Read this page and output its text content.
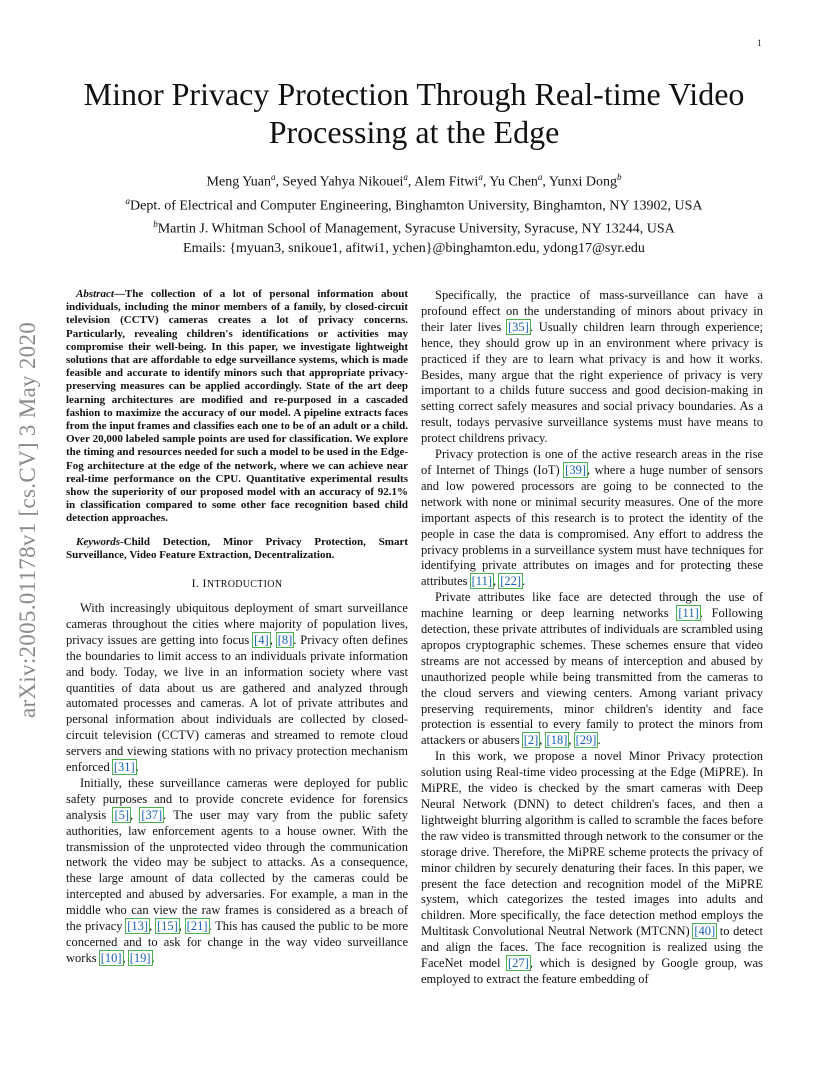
1
arXiv:2005.01178v1 [cs.CV] 3 May 2020
Minor Privacy Protection Through Real-time Video
Processing at the Edge
Meng Yuan$^a$, Seyed Yahya Nikouei$^a$, Alem Fitwi$^a$, Yu Chen$^a$, Yunxi Dong$^b$
$^a$Dept. of Electrical and Computer Engineering, Binghamton University, Binghamton, NY 13902, USA
$^b$Martin J. Whitman School of Management, Syracuse University, Syracuse, NY 13244, USA
Emails: {myuan3, snikoue1, afitwi1, ychen}@binghamton.edu, ydong17@syr.edu

Abstract—The collection of a lot of personal information about individuals, including the minor members of a family, by closed-circuit television (CCTV) cameras creates a lot of privacy concerns. Particularly, revealing children's identifications or activities may compromise their well-being. In this paper, we investigate lightweight solutions that are affordable to edge surveillance systems, which is made feasible and accurate to identify minors such that appropriate privacy-preserving measures can be applied accordingly. State of the art deep learning architectures are modified and re-purposed in a cascaded fashion to maximize the accuracy of our model. A pipeline extracts faces from the input frames and classifies each one to be of an adult or a child. Over 20,000 labeled sample points are used for classification. We explore the timing and resources needed for such a model to be used in the Edge-Fog architecture at the edge of the network, where we can achieve near real-time performance on the CPU. Quantitative experimental results show the superiority of our proposed model with an accuracy of 92.1% in classification compared to some other face recognition based child detection approaches.

Keywords-Child Detection, Minor Privacy Protection, Smart Surveillance, Video Feature Extraction, Decentralization.

I. INTRODUCTION

With increasingly ubiquitous deployment of smart surveillance cameras throughout the cities where majority of population lives, privacy issues are getting into focus [4], [8]. Privacy often defines the boundaries to limit access to an individuals private information and body. Today, we live in an information society where vast quantities of data about us are gathered and analyzed through automated processes and cameras. A lot of private attributes and personal information about individuals are collected by closed-circuit television (CCTV) cameras and streamed to remote cloud servers and viewing stations with no privacy protection mechanism enforced [31].

Initially, these surveillance cameras were deployed for public safety purposes and to provide concrete evidence for forensics analysis [5], [37]. The user may vary from the public safety authorities, law enforcement agents to a house owner. With the transmission of the unprotected video through the communication network the video may be subject to attacks. As a consequence, these large amount of data collected by the cameras could be intercepted and abused by adversaries. For example, a man in the middle who can view the raw frames is considered as a breach of the privacy [13], [15], [21]. This has caused the public to be more concerned and to ask for change in the way video surveillance works [10], [19].

Specifically, the practice of mass-surveillance can have a profound effect on the understanding of minors about privacy in their later lives [35]. Usually children learn through experience; hence, they should grow up in an environment where privacy is practiced if they are to learn what privacy is and how it works. Besides, many argue that the right experience of privacy is very important to a childs future success and good decision-making in setting correct safely measures and social privacy boundaries. As a result, todays pervasive surveillance systems must have means to protect childrens privacy.

Privacy protection is one of the active research areas in the rise of Internet of Things (IoT) [39], where a huge number of sensors and low powered processors are going to be connected to the network with none or minimal security measures. One of the more important aspects of this research is to protect the identity of the people in case the data is compromised. Any effort to address the privacy problems in a surveillance system must have techniques for identifying private attributes on images and for protecting these attributes [11], [22].

Private attributes like face are detected through the use of machine learning or deep learning networks [11]. Following detection, these private attributes of individuals are scrambled using apropos cryptographic schemes. These schemes ensure that video streams are not accessed by means of interception and abused by unauthorized people while being transmitted from the cameras to the cloud servers and viewing centers. Among variant privacy preserving requirements, minor children's identity and face protection is essential to every family to protect the minors from attackers or abusers [2], [18], [29].

In this work, we propose a novel Minor Privacy protection solution using Real-time video processing at the Edge (MiPRE). In MiPRE, the video is checked by the smart cameras with Deep Neural Network (DNN) to detect children's faces, and then a lightweight blurring algorithm is called to scramble the faces before the raw video is transmitted through network to the consumer or the storage drive. Therefore, the MiPRE scheme protects the privacy of minor children by securely denaturing their faces. In this paper, we present the face detection and recognition model of the MiPRE system, which categorizes the tested images into adults and children. More specifically, the face detection method employs the Multitask Convolutional Neutral Network (MTCNN) [40] to detect and align the faces. The face recognition is realized using the FaceNet model [27], which is designed by Google group, was employed to extract the feature embedding of
